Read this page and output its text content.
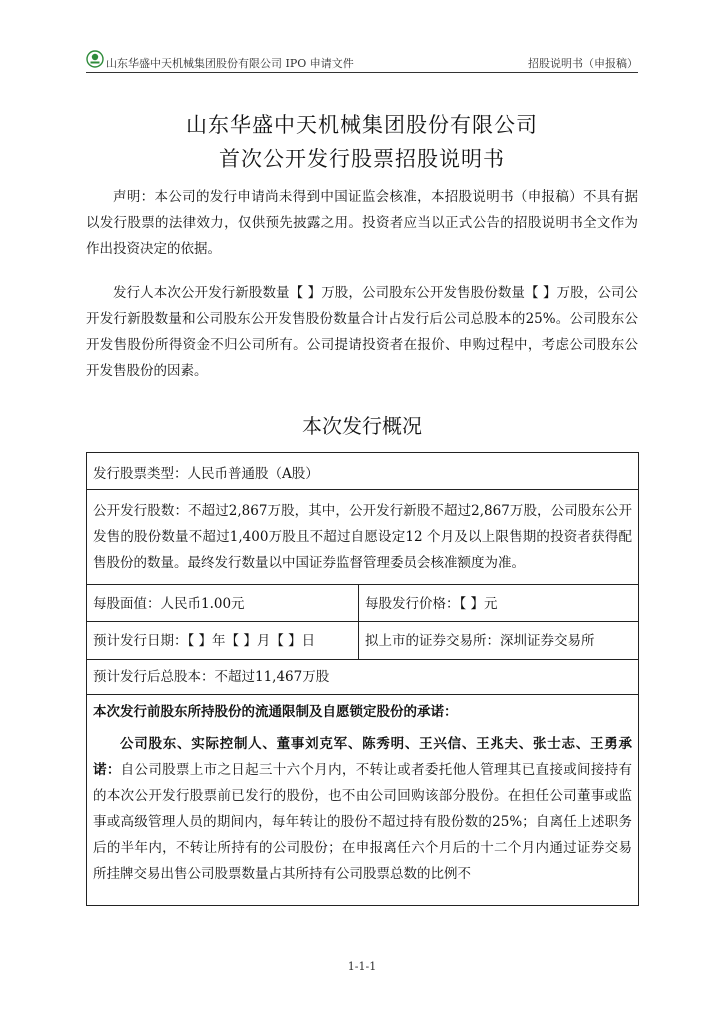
山东华盛中天机械集团股份有限公司 IPO 申请文件	招股说明书（申报稿）
山东华盛中天机械集团股份有限公司
首次公开发行股票招股说明书

声明：本公司的发行申请尚未得到中国证监会核准，本招股说明书（申报稿）不具有据以发行股票的法律效力，仅供预先披露之用。投资者应当以正式公告的招股说明书全文作为作出投资决定的依据。

发行人本次公开发行新股数量【 】万股，公司股东公开发售股份数量【 】万股，公司公开发行新股数量和公司股东公开发售股份数量合计占发行后公司总股本的25%。公司股东公开发售股份所得资金不归公司所有。公司提请投资者在报价、申购过程中，考虑公司股东公开发售股份的因素。

本次发行概况
发行股票类型：人民币普通股（A股）
公开发行股数：不超过2,867万股，其中，公开发行新股不超过2,867万股，公司股东公开发售的股份数量不超过1,400万股且不超过自愿设定12 个月及以上限售期的投资者获得配售股份的数量。最终发行数量以中国证券监督管理委员会核准额度为准。
每股面值：人民币1.00元	每股发行价格：【 】元
预计发行日期：【 】年【 】月【 】日	拟上市的证券交易所：深圳证券交易所
预计发行后总股本：不超过11,467万股
本次发行前股东所持股份的流通限制及自愿锁定股份的承诺：
公司股东、实际控制人、董事刘克军、陈秀明、王兴信、王兆夫、张士志、王勇承诺：自公司股票上市之日起三十六个月内，不转让或者委托他人管理其已直接或间接持有的本次公开发行股票前已发行的股份，也不由公司回购该部分股份。在担任公司董事或监事或高级管理人员的期间内，每年转让的股份不超过持有股份数的25%；自离任上述职务后的半年内，不转让所持有的公司股份；在申报离任六个月后的十二个月内通过证券交易所挂牌交易出售公司股票数量占其所持有公司股票总数的比例不
1-1-1
